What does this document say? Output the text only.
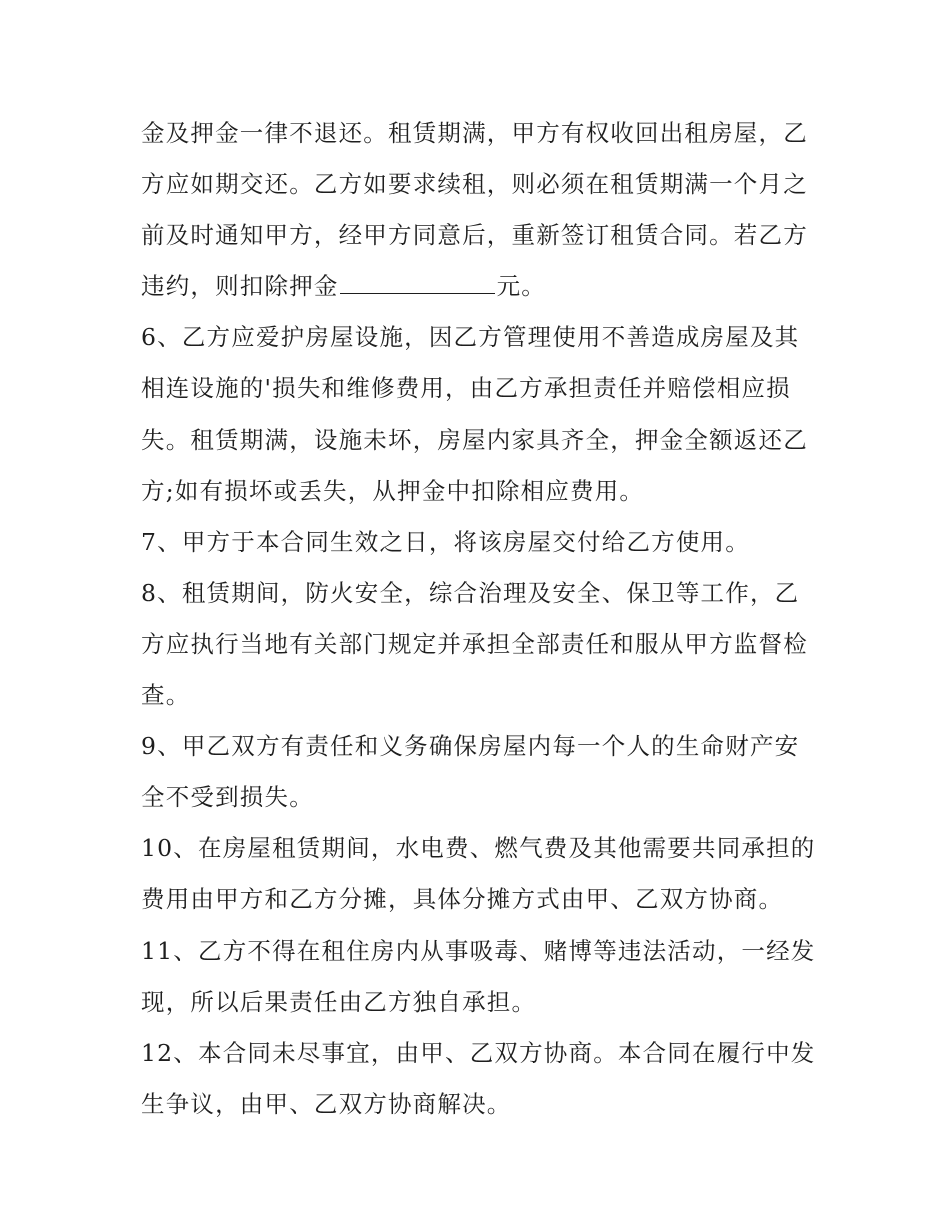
金及押金一律不退还。租赁期满，甲方有权收回出租房屋，乙
方应如期交还。乙方如要求续租，则必须在租赁期满一个月之
前及时通知甲方，经甲方同意后，重新签订租赁合同。若乙方
违约，则扣除押金	元。
6、乙方应爱护房屋设施，因乙方管理使用不善造成房屋及其
相连设施的'损失和维修费用，由乙方承担责任并赔偿相应损
失。租赁期满，设施未坏，房屋内家具齐全，押金全额返还乙
方;如有损坏或丢失，从押金中扣除相应费用。
7、甲方于本合同生效之日，将该房屋交付给乙方使用。
8、租赁期间，防火安全，综合治理及安全、保卫等工作，乙
方应执行当地有关部门规定并承担全部责任和服从甲方监督检
查。
9、甲乙双方有责任和义务确保房屋内每一个人的生命财产安
全不受到损失。
10、在房屋租赁期间，水电费、燃气费及其他需要共同承担的
费用由甲方和乙方分摊，具体分摊方式由甲、乙双方协商。
11、乙方不得在租住房内从事吸毒、赌博等违法活动，一经发
现，所以后果责任由乙方独自承担。
12、本合同未尽事宜，由甲、乙双方协商。本合同在履行中发
生争议，由甲、乙双方协商解决。
